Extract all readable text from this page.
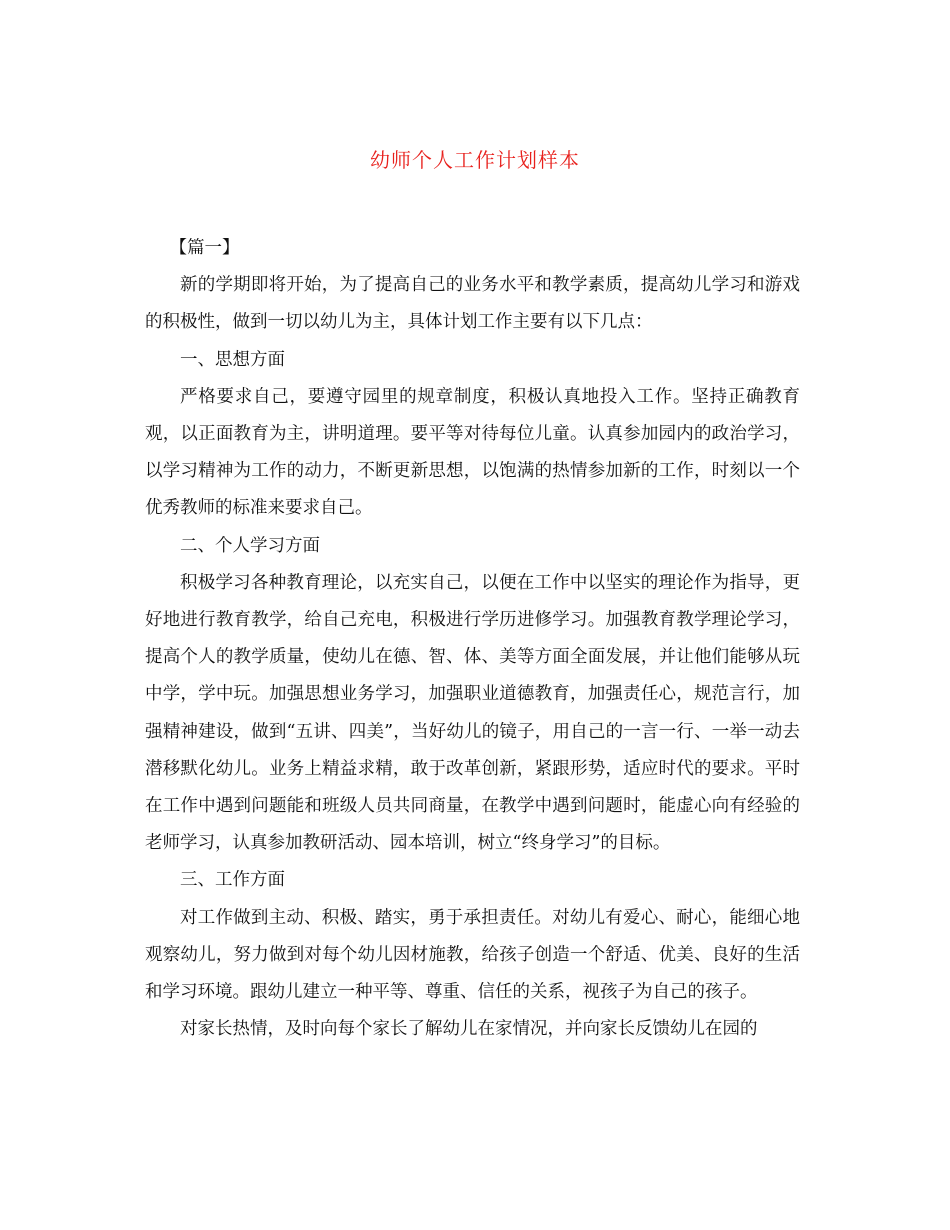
幼师个人工作计划样本

【篇一】

新的学期即将开始，为了提高自己的业务水平和教学素质，提高幼儿学习和游戏的积极性，做到一切以幼儿为主，具体计划工作主要有以下几点：

一、思想方面

严格要求自己，要遵守园里的规章制度，积极认真地投入工作。坚持正确教育观，以正面教育为主，讲明道理。要平等对待每位儿童。认真参加园内的政治学习，以学习精神为工作的动力，不断更新思想，以饱满的热情参加新的工作，时刻以一个优秀教师的标准来要求自己。

二、个人学习方面

积极学习各种教育理论，以充实自己，以便在工作中以坚实的理论作为指导，更好地进行教育教学，给自己充电，积极进行学历进修学习。加强教育教学理论学习，提高个人的教学质量，使幼儿在德、智、体、美等方面全面发展，并让他们能够从玩中学，学中玩。加强思想业务学习，加强职业道德教育，加强责任心，规范言行，加强精神建设，做到“五讲、四美”，当好幼儿的镜子，用自己的一言一行、一举一动去潜移默化幼儿。业务上精益求精，敢于改革创新，紧跟形势，适应时代的要求。平时在工作中遇到问题能和班级人员共同商量，在教学中遇到问题时，能虚心向有经验的老师学习，认真参加教研活动、园本培训，树立“终身学习”的目标。

三、工作方面

对工作做到主动、积极、踏实，勇于承担责任。对幼儿有爱心、耐心，能细心地观察幼儿，努力做到对每个幼儿因材施教，给孩子创造一个舒适、优美、良好的生活和学习环境。跟幼儿建立一种平等、尊重、信任的关系，视孩子为自己的孩子。

对家长热情，及时向每个家长了解幼儿在家情况，并向家长反馈幼儿在园的
